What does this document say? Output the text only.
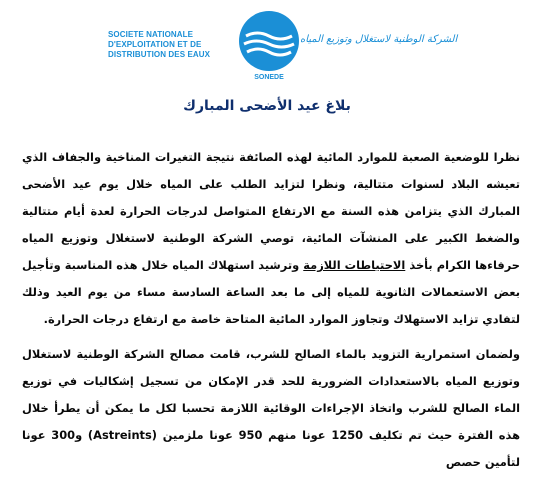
SOCIETE NATIONALE D'EXPLOITATION ET DE DISTRIBUTION DES EAUX
SONEDE
الشركة الوطنية لاستغلال وتوزيع المياه
بلاغ عيد الأضحى المبارك

نظرا للوضعية الصعبة للموارد المائية لهذه الصائفة نتيجة التغيرات المناخية والجفاف الذي تعيشه البلاد لسنوات متتالية، ونظرا لتزايد الطلب على المياه خلال يوم عيد الأضحى المبارك الذي يتزامن هذه السنة مع الارتفاع المتواصل لدرجات الحرارة لعدة أيام متتالية والضغط الكبير على المنشآت المائية، توصي الشركة الوطنية لاستغلال وتوزيع المياه حرفاءها الكرام بأخذ الاحتياطات اللازمة وترشيد استهلاك المياه خلال هذه المناسبة وتأجيل بعض الاستعمالات الثانوية للمياه إلى ما بعد الساعة السادسة مساء من يوم العيد وذلك لتفادي تزايد الاستهلاك وتجاوز الموارد المائية المتاحة خاصة مع ارتفاع درجات الحرارة.

ولضمان استمرارية التزويد بالماء الصالح للشرب، قامت مصالح الشركة الوطنية لاستغلال وتوزيع المياه بالاستعدادات الضرورية للحد قدر الإمكان من تسجيل إشكاليات في توزيع الماء الصالح للشرب واتخاذ الإجراءات الوقائية اللازمة تحسبا لكل ما يمكن أن يطرأ خلال هذه الفترة حيث تم تكليف 1250 عونا منهم 950 عونا ملزمين (Astreints) و300 عونا لتأمين حصص
